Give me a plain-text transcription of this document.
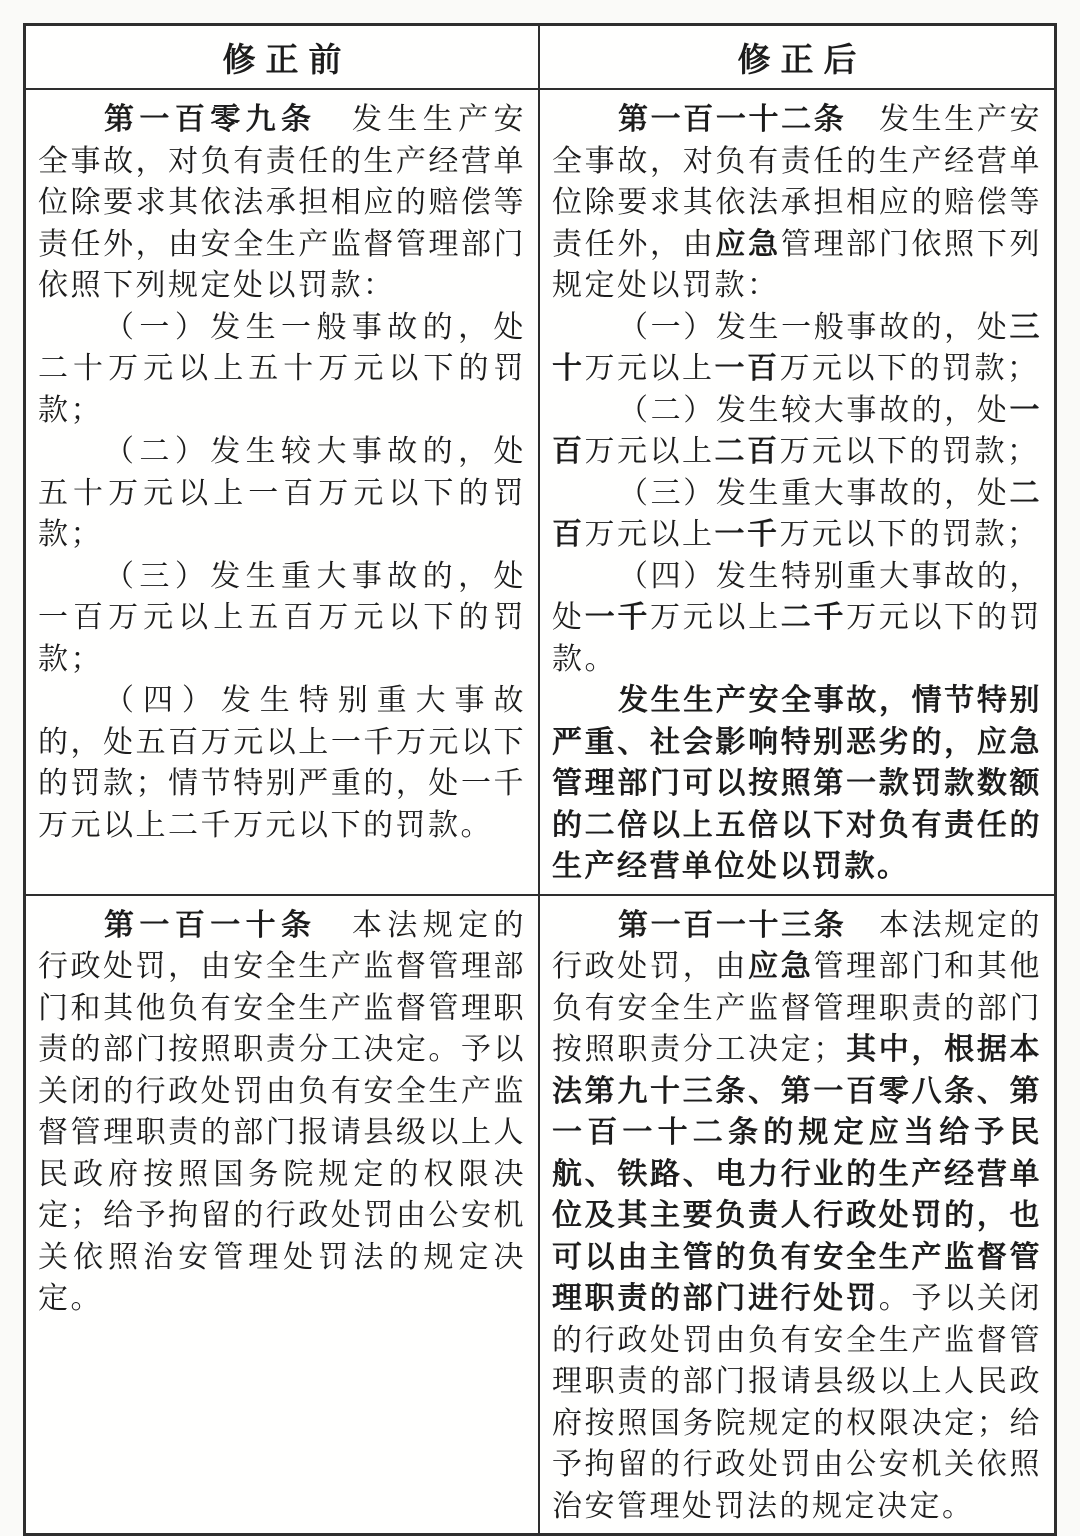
修正前	修正后

第一百零九条　发生生产安全事故，对负有责任的生产经营单位除要求其依法承担相应的赔偿等责任外，由安全生产监督管理部门依照下列规定处以罚款：

（一）发生一般事故的，处二十万元以上五十万元以下的罚款；

（二）发生较大事故的，处五十万元以上一百万元以下的罚款；

（三）发生重大事故的，处一百万元以上五百万元以下的罚款；

（四）发生特别重大事故的，处五百万元以上一千万元以下的罚款；情节特别严重的，处一千万元以上二千万元以下的罚款。

第一百一十二条　发生生产安全事故，对负有责任的生产经营单位除要求其依法承担相应的赔偿等责任外，由应急管理部门依照下列规定处以罚款：

（一）发生一般事故的，处三十万元以上一百万元以下的罚款；

（二）发生较大事故的，处一百万元以上二百万元以下的罚款；

（三）发生重大事故的，处二百万元以上一千万元以下的罚款；

（四）发生特别重大事故的，处一千万元以上二千万元以下的罚款。

发生生产安全事故，情节特别严重、社会影响特别恶劣的，应急管理部门可以按照第一款罚款数额的二倍以上五倍以下对负有责任的生产经营单位处以罚款。

第一百一十条　本法规定的行政处罚，由安全生产监督管理部门和其他负有安全生产监督管理职责的部门按照职责分工决定。予以关闭的行政处罚由负有安全生产监督管理职责的部门报请县级以上人民政府按照国务院规定的权限决定；给予拘留的行政处罚由公安机关依照治安管理处罚法的规定决定。

第一百一十三条　本法规定的行政处罚，由应急管理部门和其他负有安全生产监督管理职责的部门按照职责分工决定；其中，根据本法第九十三条、第一百零八条、第一百一十二条的规定应当给予民航、铁路、电力行业的生产经营单位及其主要负责人行政处罚的，也可以由主管的负有安全生产监督管理职责的部门进行处罚。予以关闭的行政处罚由负有安全生产监督管理职责的部门报请县级以上人民政府按照国务院规定的权限决定；给予拘留的行政处罚由公安机关依照治安管理处罚法的规定决定。
